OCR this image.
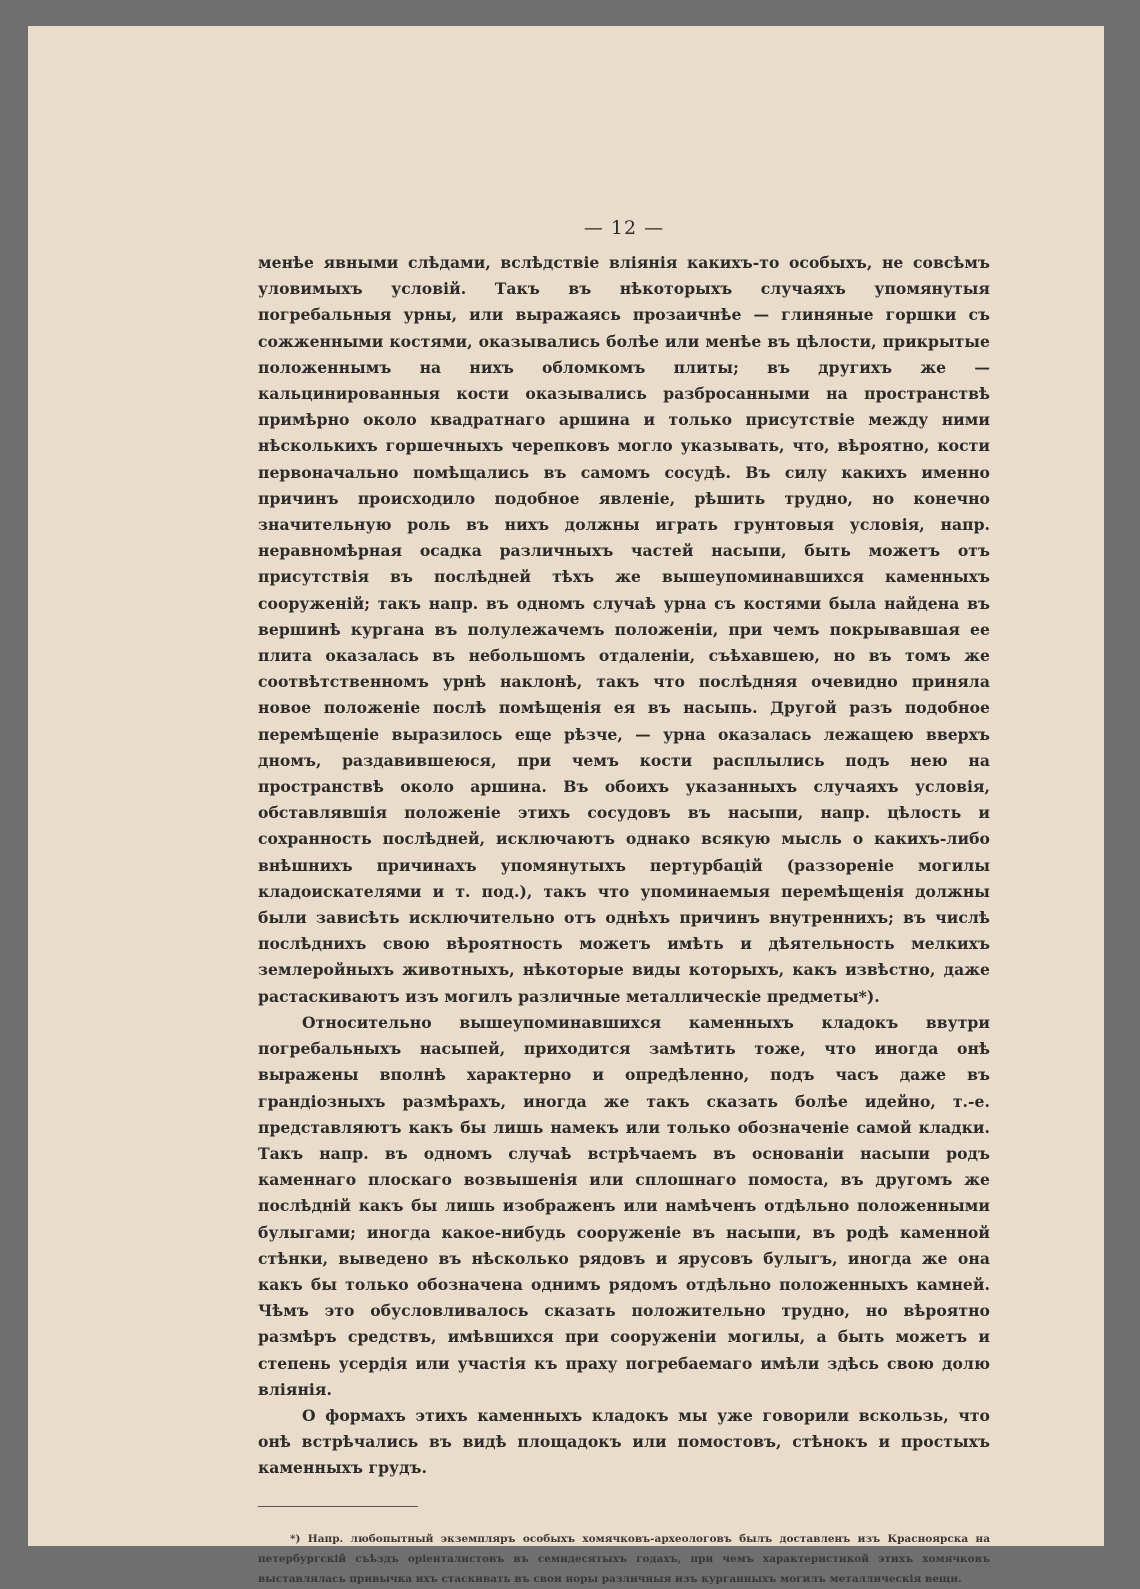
— 12 —

менѣе явными слѣдами, вслѣдствіе вліянія какихъ-то особыхъ, не совсѣмъ уловимыхъ условій. Такъ въ нѣкоторыхъ случаяхъ упомянутыя погребальныя урны, или выражаясь прозаичнѣе — глиняные горшки съ сожженными костями, оказывались болѣе или менѣе въ цѣлости, прикрытые положеннымъ на нихъ обломкомъ плиты; въ другихъ же — кальцинированныя кости оказывались разбросанными на пространствѣ примѣрно около квадратнаго аршина и только присутствіе между ними нѣсколькихъ горшечныхъ черепковъ могло указывать, что, вѣроятно, кости первоначально помѣщались въ самомъ сосудѣ. Въ силу какихъ именно причинъ происходило подобное явленіе, рѣшить трудно, но конечно значительную роль въ нихъ должны играть грунтовыя условія, напр. неравномѣрная осадка различныхъ частей насыпи, быть можетъ отъ присутствія въ послѣдней тѣхъ же вышеупоминавшихся каменныхъ сооруженій; такъ напр. въ одномъ случаѣ урна съ костями была найдена въ вершинѣ кургана въ полулежачемъ положеніи, при чемъ покрывавшая ее плита оказалась въ небольшомъ отдаленіи, съѣхавшею, но въ томъ же соотвѣтственномъ урнѣ наклонѣ, такъ что послѣдняя очевидно приняла новое положеніе послѣ помѣщенія ея въ насыпь. Другой разъ подобное перемѣщеніе выразилось еще рѣзче, — урна оказалась лежащею вверхъ дномъ, раздавившеюся, при чемъ кости расплылись подъ нею на пространствѣ около аршина. Въ обоихъ указанныхъ случаяхъ условія, обставлявшія положеніе этихъ сосудовъ въ насыпи, напр. цѣлость и сохранность послѣдней, исключаютъ однако всякую мысль о какихъ-либо внѣшнихъ причинахъ упомянутыхъ пертурбацій (раззореніе могилы кладоискателями и т. под.), такъ что упоминаемыя перемѣщенія должны были зависѣть исключительно отъ однѣхъ причинъ внутреннихъ; въ числѣ послѣднихъ свою вѣроятность можетъ имѣть и дѣятельность мелкихъ землеройныхъ животныхъ, нѣкоторые виды которыхъ, какъ извѣстно, даже растаскиваютъ изъ могилъ различные металлическіе предметы*).

Относительно вышеупоминавшихся каменныхъ кладокъ ввутри погребальныхъ насыпей, приходится замѣтить тоже, что иногда онѣ выражены вполнѣ характерно и опредѣленно, подъ часъ даже въ грандіозныхъ размѣрахъ, иногда же такъ сказать болѣе идейно, т.-е. представляютъ какъ бы лишь намекъ или только обозначеніе самой кладки. Такъ напр. въ одномъ случаѣ встрѣчаемъ въ основаніи насыпи родъ каменнаго плоскаго возвышенія или сплошнаго помоста, въ другомъ же послѣдній какъ бы лишь изображенъ или намѣченъ отдѣльно положенными булыгами; иногда какое-нибудь сооруженіе въ насыпи, въ родѣ каменной стѣнки, выведено въ нѣсколько рядовъ и ярусовъ булыгъ, иногда же она какъ бы только обозначена однимъ рядомъ отдѣльно положенныхъ камней. Чѣмъ это обусловливалось сказать положительно трудно, но вѣроятно размѣръ средствъ, имѣвшихся при сооруженіи могилы, а быть можетъ и степень усердія или участія къ праху погребаемаго имѣли здѣсь свою долю вліянія.

О формахъ этихъ каменныхъ кладокъ мы уже говорили вскользь, что онѣ встрѣчались въ видѣ площадокъ или помостовъ, стѣнокъ и простыхъ каменныхъ грудъ.

*) Напр. любопытный экземпляръ особыхъ хомячковъ-археологовъ былъ доставленъ изъ Красноярска на петербургскій съѣздъ оріенталистовъ въ семидесятыхъ годахъ, при чемъ характеристикой этихъ хомячковъ выставлялась привычка ихъ стаскивать въ свои норы различныя изъ курганныхъ могилъ металлическія вещи.
